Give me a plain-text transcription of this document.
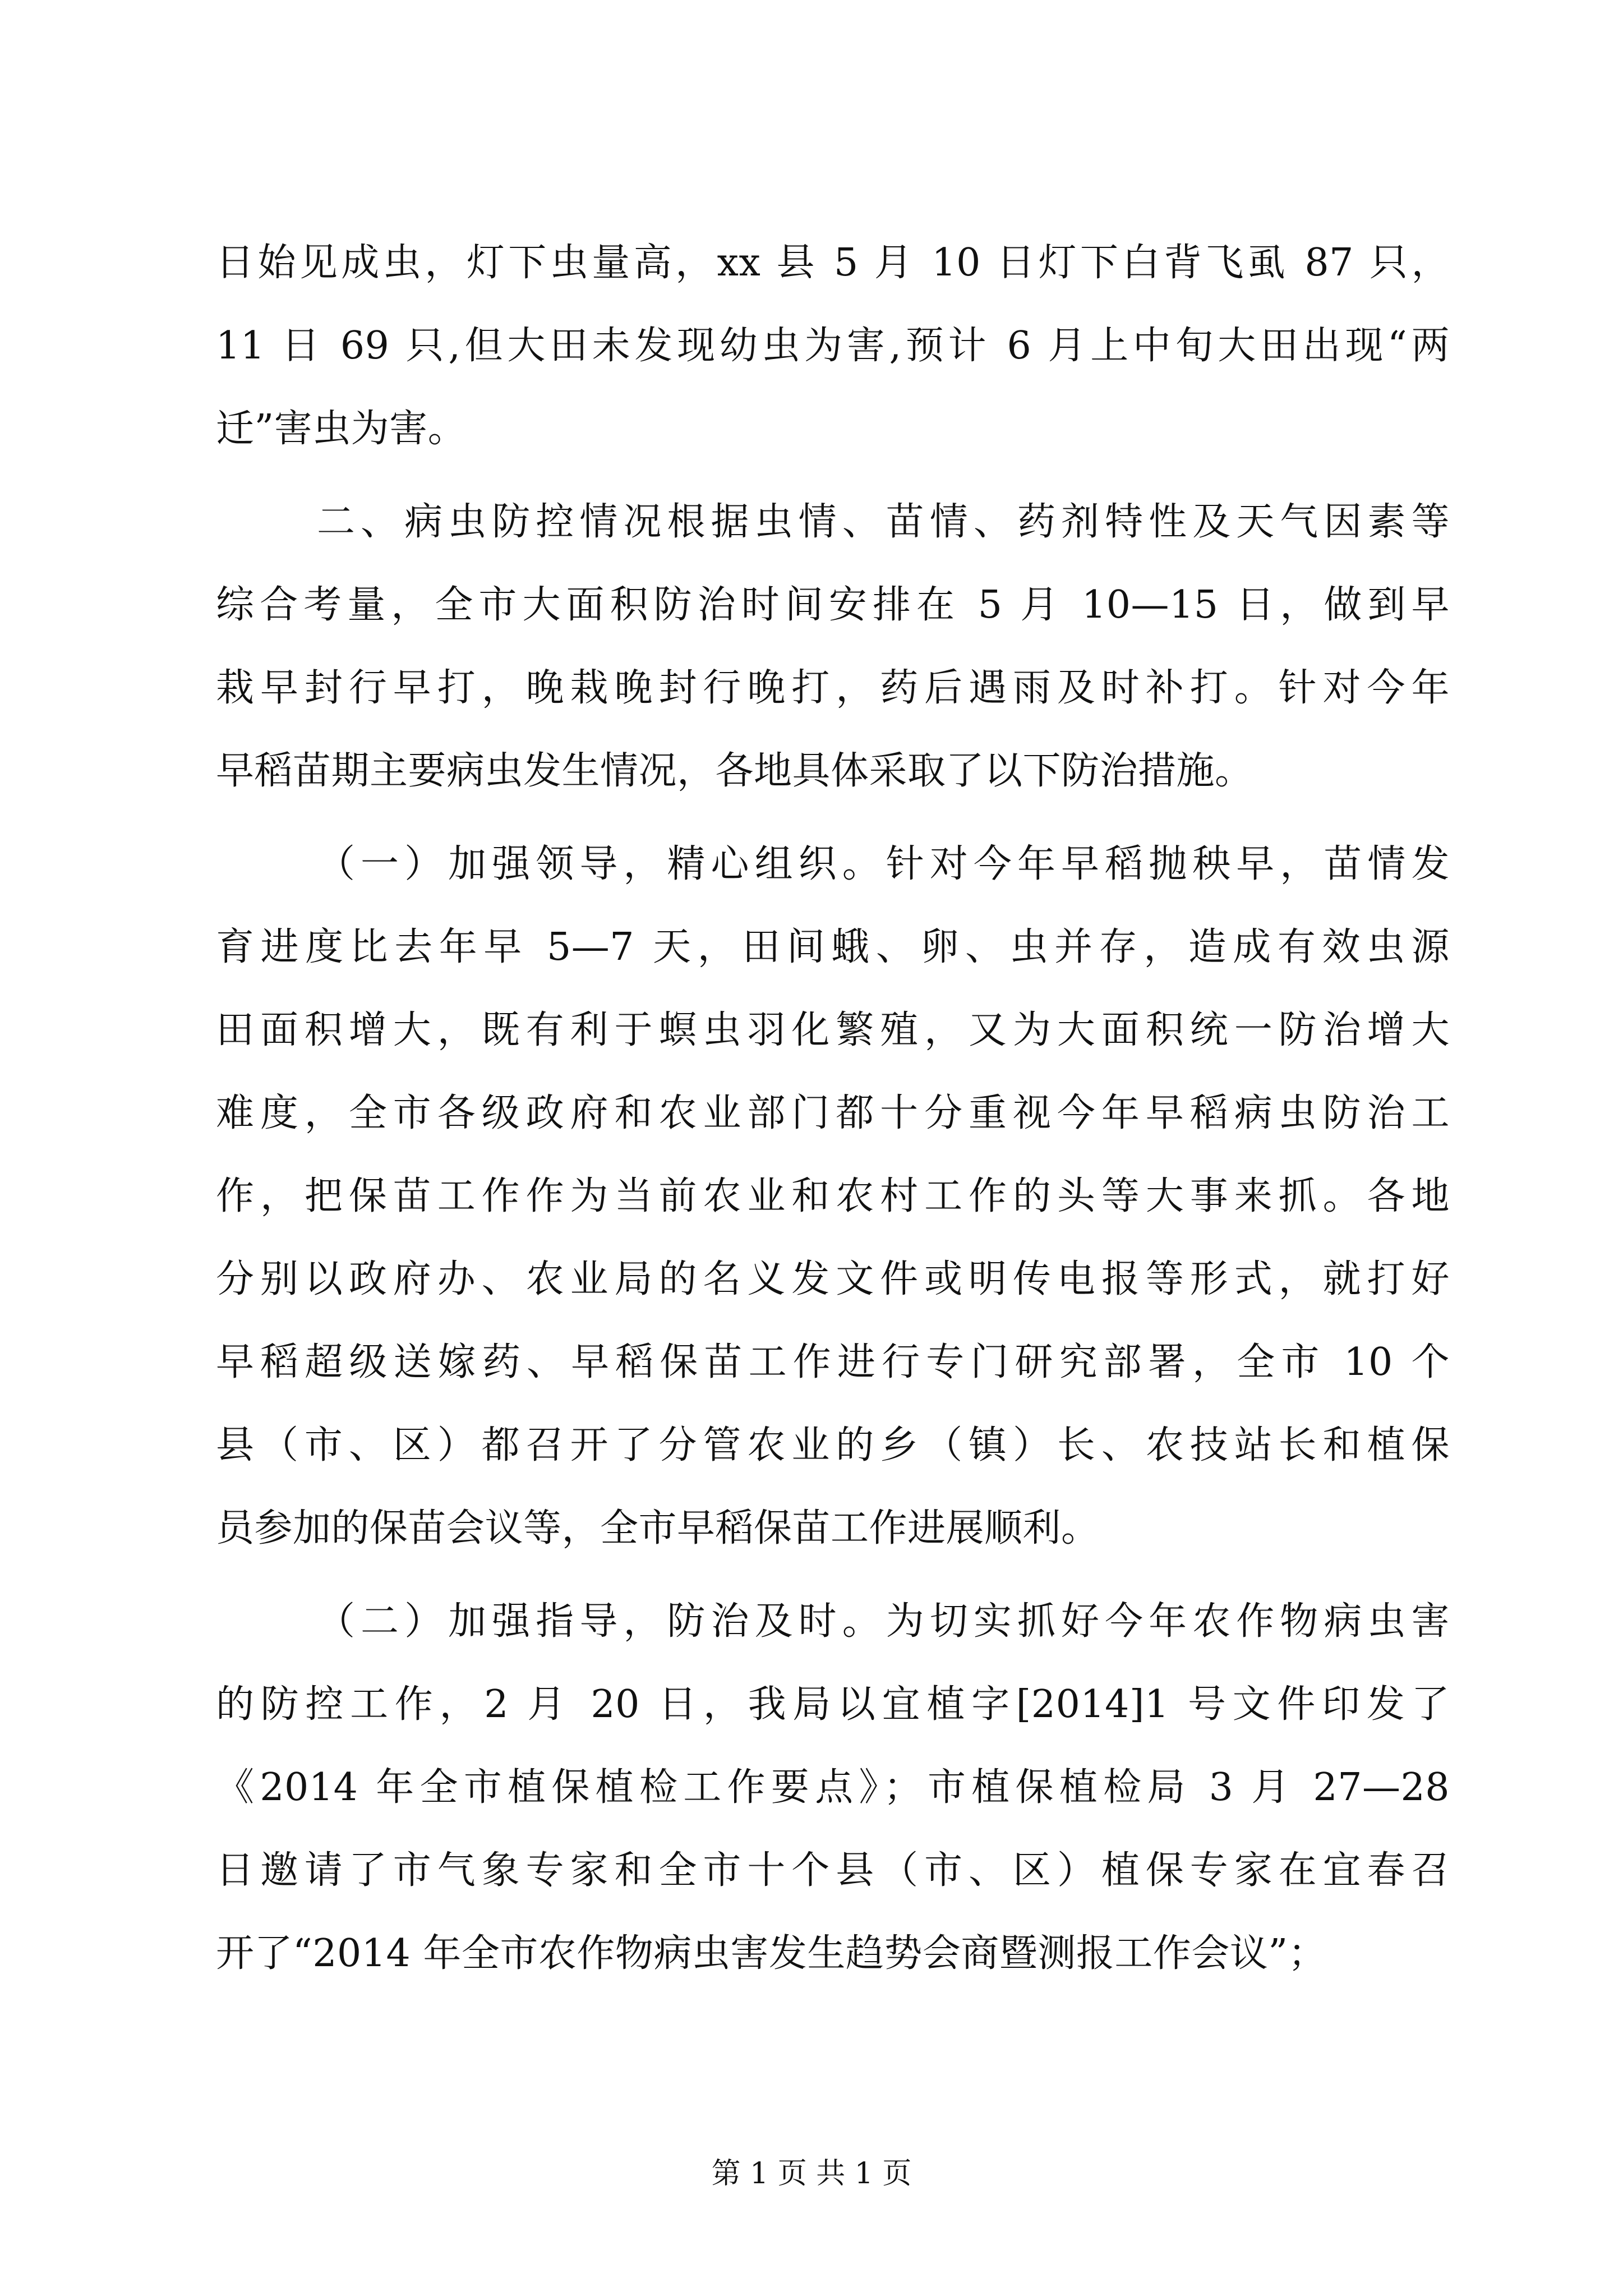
日始见成虫，灯下虫量高，xx 县 5 月 10 日灯下白背飞虱 87 只，
11 日 69 只,但大田未发现幼虫为害,预计 6 月上中旬大田出现“两
迁”害虫为害。
二、病虫防控情况根据虫情、苗情、药剂特性及天气因素等
综合考量，全市大面积防治时间安排在 5 月 10—15 日，做到早
栽早封行早打，晚栽晚封行晚打，药后遇雨及时补打。针对今年
早稻苗期主要病虫发生情况，各地具体采取了以下防治措施。
（一）加强领导，精心组织。针对今年早稻抛秧早，苗情发
育进度比去年早 5—7 天，田间蛾、卵、虫并存，造成有效虫源
田面积增大，既有利于螟虫羽化繁殖，又为大面积统一防治增大
难度，全市各级政府和农业部门都十分重视今年早稻病虫防治工
作，把保苗工作作为当前农业和农村工作的头等大事来抓。各地
分别以政府办、农业局的名义发文件或明传电报等形式，就打好
早稻超级送嫁药、早稻保苗工作进行专门研究部署，全市 10 个
县（市、区）都召开了分管农业的乡（镇）长、农技站长和植保
员参加的保苗会议等，全市早稻保苗工作进展顺利。
（二）加强指导，防治及时。为切实抓好今年农作物病虫害
的防控工作，2 月 20 日，我局以宜植字[2014]1 号文件印发了
《2014 年全市植保植检工作要点》；市植保植检局 3 月 27—28
日邀请了市气象专家和全市十个县（市、区）植保专家在宜春召
开了“2014 年全市农作物病虫害发生趋势会商暨测报工作会议”；
第 1 页 共 1 页
